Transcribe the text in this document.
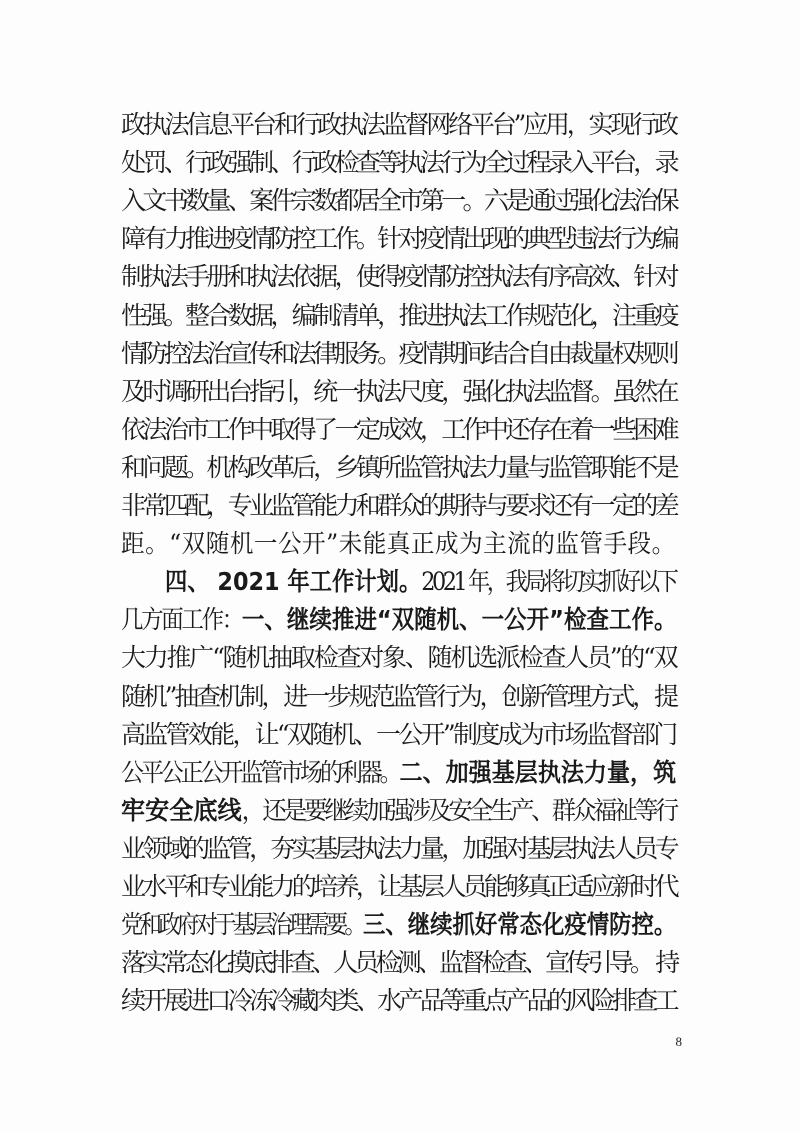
政执法信息平台和行政执法监督网络平台”应用，实现行政
处罚、行政强制、行政检查等执法行为全过程录入平台，录
入文书数量、案件宗数都居全市第一。六是通过强化法治保
障有力推进疫情防控工作。针对疫情出现的典型违法行为编
制执法手册和执法依据，使得疫情防控执法有序高效、针对
性强。整合数据，编制清单，推进执法工作规范化，注重疫
情防控法治宣传和法律服务。疫情期间结合自由裁量权规则
及时调研出台指引，统一执法尺度，强化执法监督。虽然在
依法治市工作中取得了一定成效，工作中还存在着一些困难
和问题。机构改革后，乡镇所监管执法力量与监管职能不是
非常匹配，专业监管能力和群众的期待与要求还有一定的差
距。“双随机一公开”未能真正成为主流的监管手段。
四、 2021 年工作计划。2021 年，我局将切实抓好以下
几方面工作：一、继续推进“双随机、一公开”检查工作。
大力推广“随机抽取检查对象、随机选派检查人员”的“双
随机”抽查机制，进一步规范监管行为，创新管理方式，提
高监管效能，让“双随机、一公开”制度成为市场监督部门
公平公正公开监管市场的利器。二、加强基层执法力量，筑
牢安全底线，还是要继续加强涉及安全生产、群众福祉等行
业领域的监管，夯实基层执法力量，加强对基层执法人员专
业水平和专业能力的培养，让基层人员能够真正适应新时代
党和政府对于基层治理需要。三、继续抓好常态化疫情防控。
落实常态化摸底排查、人员检测、监督检查、宣传引导。 持
续开展进口冷冻冷藏肉类、水产品等重点产品的风险排查工
8
